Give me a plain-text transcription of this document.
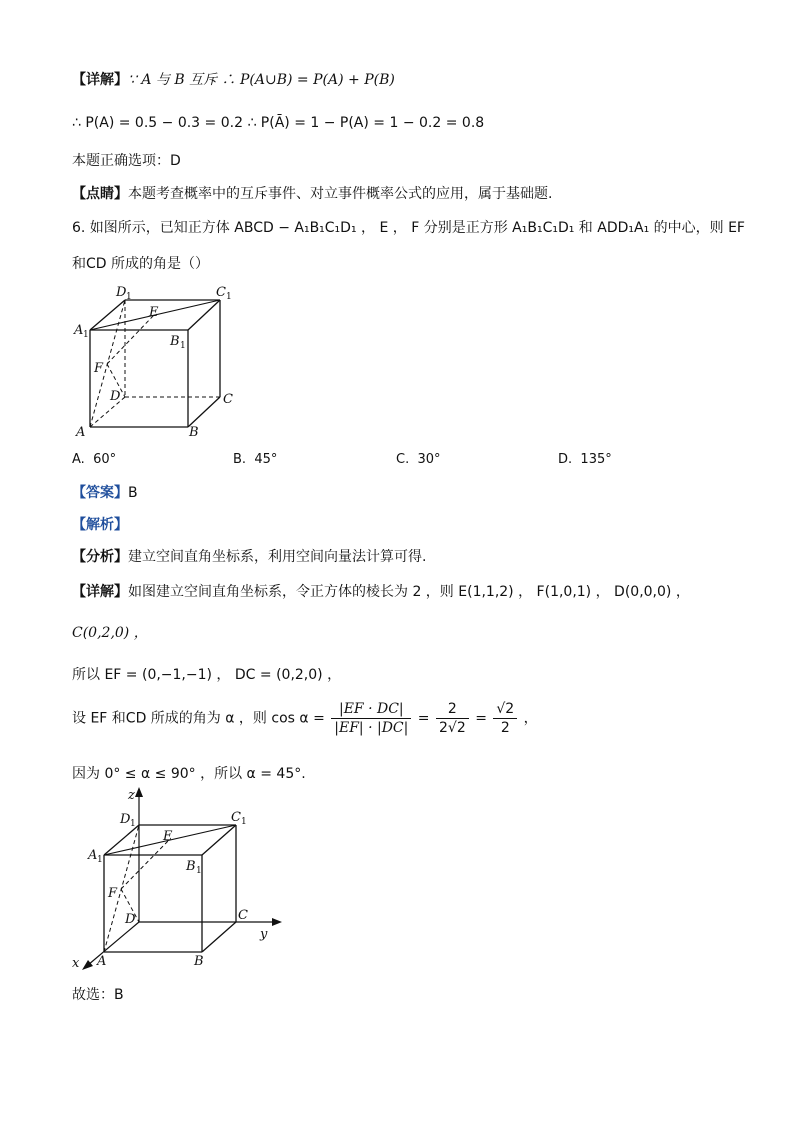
【详解】∵ A 与 B 互斥 ∴ P(A∪B) = P(A) + P(B)
∴ P(A) = 0.5 − 0.3 = 0.2 ∴ P(Ā) = 1 − P(A) = 1 − 0.2 = 0.8
本题正确选项：D
【点睛】本题考查概率中的互斥事件、对立事件概率公式的应用，属于基础题.
6. 如图所示，已知正方体 ABCD − A₁B₁C₁D₁ ， E ， F 分别是正方形 A₁B₁C₁D₁ 和 ADD₁A₁ 的中心，则 EF
和CD 所成的角是（）
D 1	C 1
A 1	B 1
E
F
D	C
A	B
A. 60°	B. 45°	C. 30°	D. 135°
【答案】B
【解析】
【分析】建立空间直角坐标系，利用空间向量法计算可得.
【详解】如图建立空间直角坐标系，令正方体的棱长为 2 ，则 E(1,1,2) ， F(1,0,1) ， D(0,0,0) ，
C(0,2,0) ，
所以 EF = (0,−1,−1) ， DC = (0,2,0) ，
设 EF 和CD 所成的角为 α ，则 $\cos \alpha = \frac{|EF \cdot DC|}{|EF| \cdot |DC|} = \frac{2}{2√2} = \frac{√2}{2}$ ，
因为 0° ≤ α ≤ 90° ，所以 α = 45°.
z
y
x
D 1	C 1
A 1	B 1
E
F
D	C
A	B
故选：B
